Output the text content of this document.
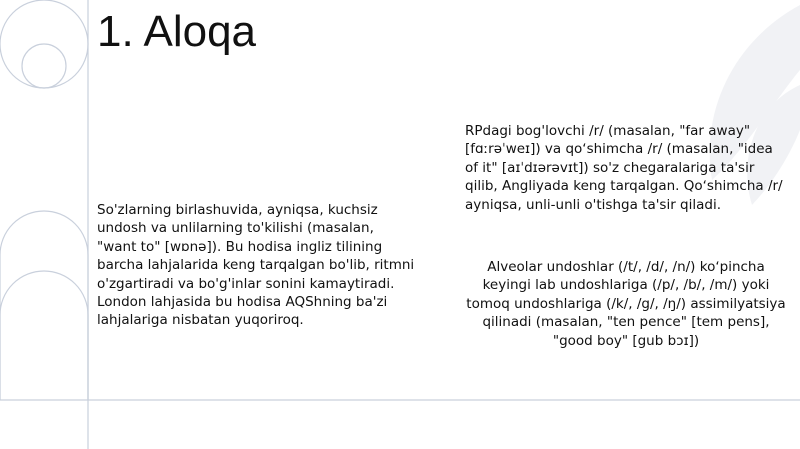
1. Aloqa

So'zlarning birlashuvida, ayniqsa, kuchsiz undosh va unlilarning to'kilishi (masalan, "want to" [wɒnə]). Bu hodisa ingliz tilining barcha lahjalarida keng tarqalgan bo'lib, ritmni o'zgartiradi va bo'g'inlar sonini kamaytiradi. London lahjasida bu hodisa AQShning ba'zi lahjalariga nisbatan yuqoriroq.

RPdagi bog'lovchi /r/ (masalan, "far away" [fɑːrəˈweɪ]) va qoʻshimcha /r/ (masalan, "idea of it" [aɪˈdɪərəvɪt]) so'z chegaralariga ta'sir qilib, Angliyada keng tarqalgan. Qoʻshimcha /r/ ayniqsa, unli-unli o'tishga ta'sir qiladi.

Alveolar undoshlar (/t/, /d/, /n/) koʻpincha keyingi lab undoshlariga (/p/, /b/, /m/) yoki tomoq undoshlariga (/k/, /g/, /ŋ/) assimilyatsiya qilinadi (masalan, "ten pence" [tem pens], "good boy" [gub bɔɪ])
